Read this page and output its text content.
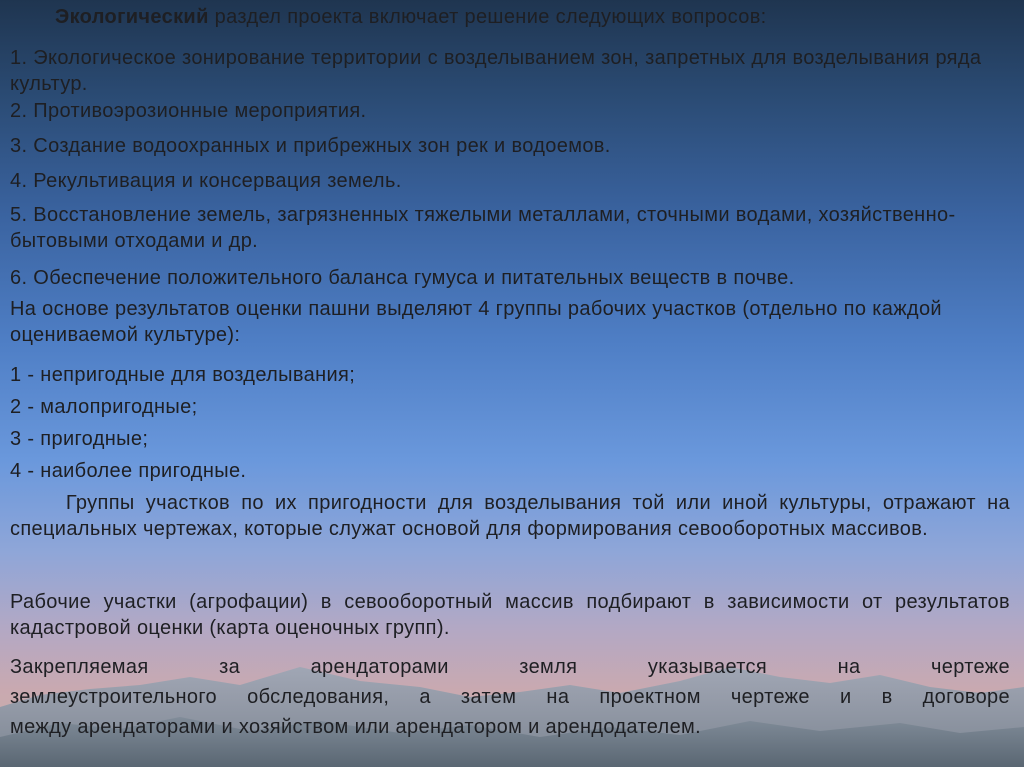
Экологический раздел проекта включает решение следующих вопросов:

1. Экологическое зонирование территории с возделыванием зон, запретных для возделывания ряда культур.

2. Противоэрозионные мероприятия.

3. Создание водоохранных и прибрежных зон рек и водоемов.

4. Рекультивация и консервация земель.

5. Восстановление земель, загрязненных тяжелыми металлами, сточными водами, хозяйственно-бытовыми отходами и др.

6. Обеспечение положительного баланса гумуса и питательных веществ в почве.

На основе результатов оценки пашни выделяют 4 группы рабочих участков (отдельно по каждой оцениваемой культуре):

1 - непригодные для возделывания;

2 - малопригодные;

3 - пригодные;

4 - наиболее пригодные.

Группы участков по их пригодности для возделывания той или иной культуры, отражают на специальных чертежах, которые служат основой для формирования севооборотных массивов.

Рабочие участки (агрофации) в севооборотный массив подбирают в зависимости от результатов кадастровой оценки (карта оценочных групп).

Закрепляемая за арендаторами земля указывается на чертеже

землеустроительного обследования, а затем на проектном чертеже и в договоре

между арендаторами и хозяйством или арендатором и арендодателем.
